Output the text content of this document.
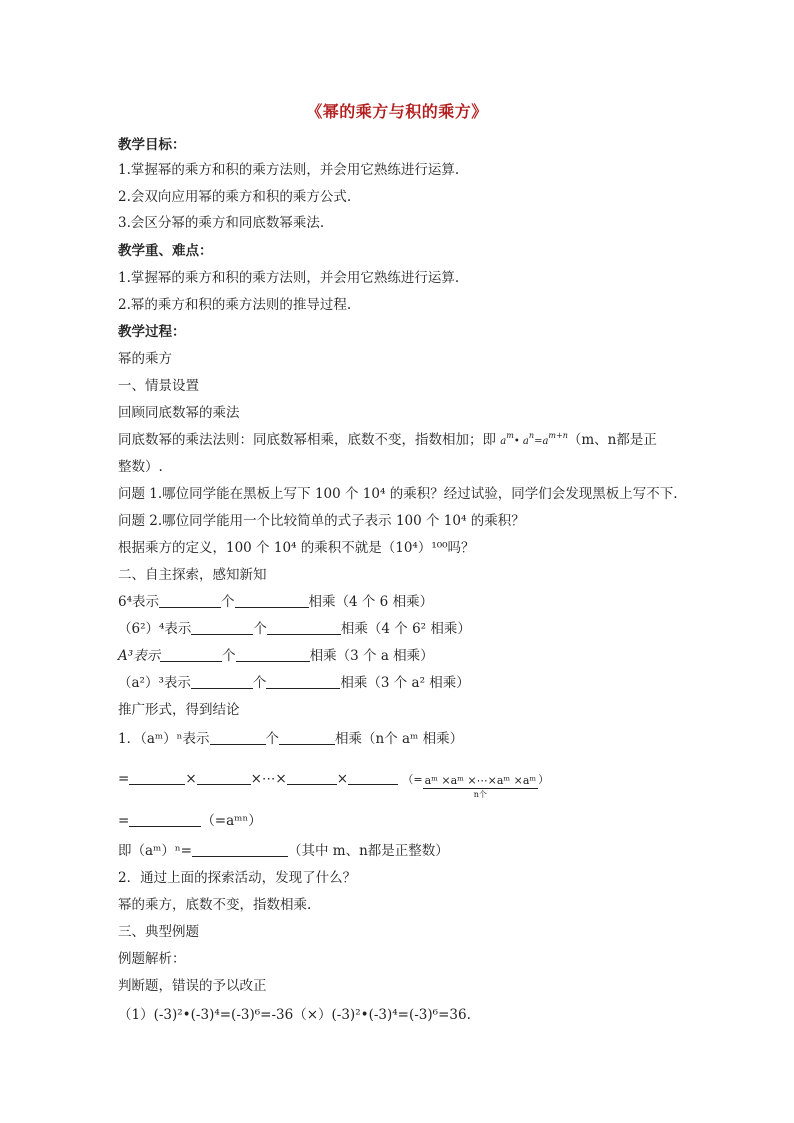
《幂的乘方与积的乘方》
教学目标：
1.掌握幂的乘方和积的乘方法则，并会用它熟练进行运算.
2.会双向应用幂的乘方和积的乘方公式.
3.会区分幂的乘方和同底数幂乘法.
教学重、难点：
1.掌握幂的乘方和积的乘方法则，并会用它熟练进行运算.
2.幂的乘方和积的乘方法则的推导过程.
教学过程：
幂的乘方
一、情景设置
回顾同底数幂的乘法
同底数幂的乘法法则：同底数幂相乘，底数不变，指数相加；即 $a^m•$ $a^n=a^{m+n}(m$、n都是正
整数）.
问题 1.哪位同学能在黑板上写下 100 个 10⁴ 的乘积？经过试验，同学们会发现黑板上写不下.
问题 2.哪位同学能用一个比较简单的式子表示 100 个 10⁴ 的乘积？
根据乘方的定义，100 个 10⁴ 的乘积不就是（10⁴）¹⁰⁰吗？
二、自主探索，感知新知
6⁴表示	个	相乘（4 个 6 相乘）
（6²）⁴表示	个	相乘（4 个 6² 相乘）
A³表示	个	相乘（3 个 a 相乘）
（a²）³表示	个	相乘（3 个 a² 相乘）
推广形式，得到结论
1．（aᵐ）ⁿ表示	个	相乘（n个 aᵐ 相乘）
=	×	×⋯×	×	（= $\frac{\text{aᵐ ×aᵐ ×⋯×aᵐ ×aᵐ}}{\text{n个}}$ ）
=	（=aᵐⁿ）
即（aᵐ）ⁿ=	（其中 m、n都是正整数）
2．通过上面的探索活动，发现了什么？
幂的乘方，底数不变，指数相乘.
三、典型例题
例题解析：
判断题，错误的予以改正
（1）(-3)²•(-3)⁴=(-3)⁶=-36（×）(-3)²•(-3)⁴=(-3)⁶=36.
